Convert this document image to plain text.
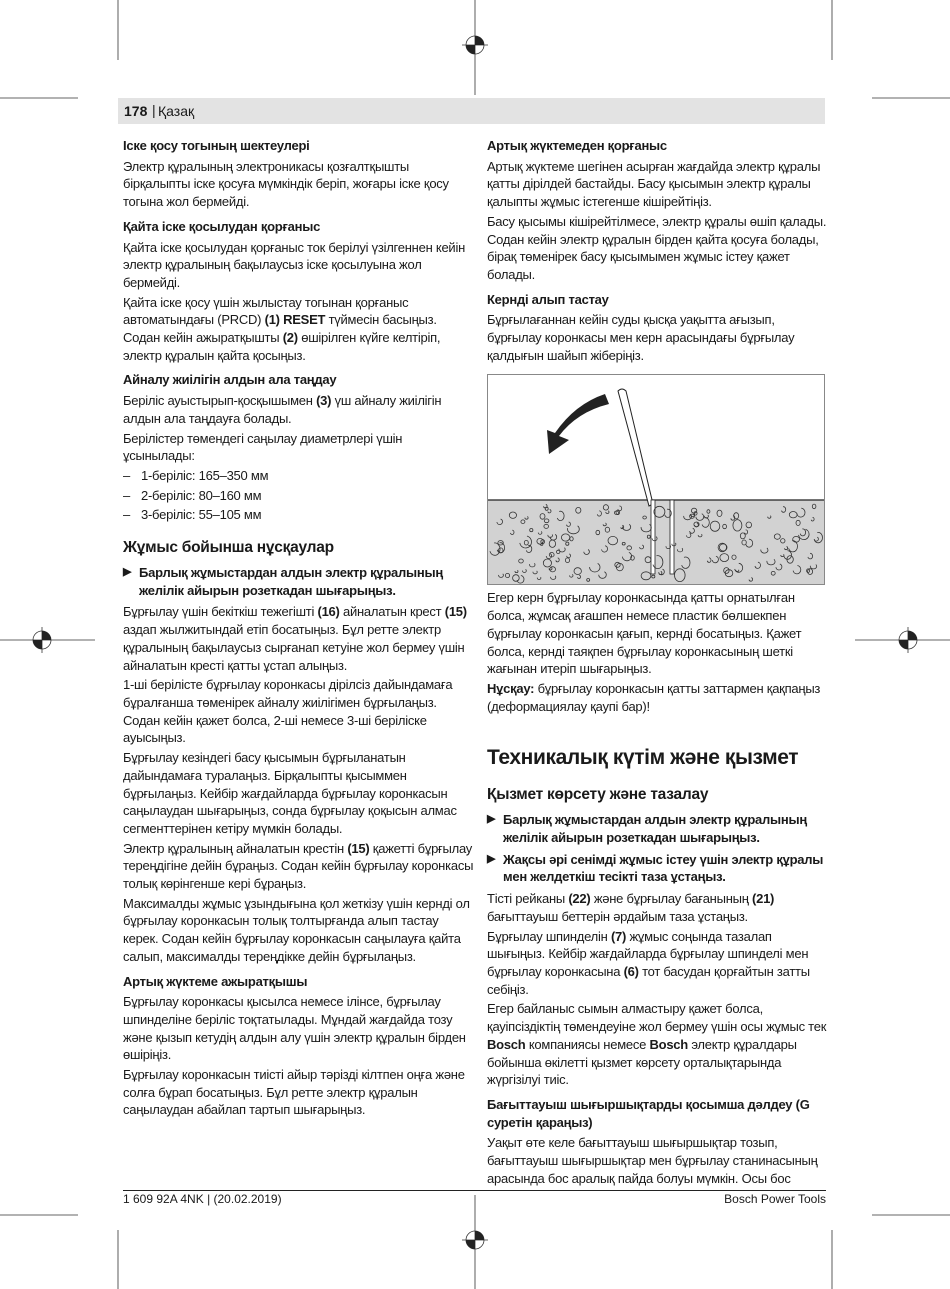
178 | Қазақ
Іске қосу тогының шектеулері
Электр құралының электроникасы қозғалтқышты бірқалыпты іске қосуға мүмкіндік беріп, жоғары іске қосу тогына жол бермейді.
Қайта іске қосылудан қорғаныс
Қайта іске қосылудан қорғаныс ток берілуі үзілгеннен кейін электр құралының бақылаусыз іске қосылуына жол бермейді.
Қайта іске қосу үшін жылыстау тогынан қорғаныс автоматындағы (PRCD) (1) RESET түймесін басыңыз. Содан кейін ажыратқышты (2) өшірілген күйге келтіріп, электр құралын қайта қосыңыз.
Айналу жиілігін алдын ала таңдау
Беріліс ауыстырып-қосқышымен (3) үш айналу жиілігін алдын ала таңдауға болады.
Берілістер төмендегі саңылау диаметрлері үшін ұсынылады:
– 1-беріліс: 165–350 мм
– 2-беріліс: 80–160 мм
– 3-беріліс: 55–105 мм
Жұмыс бойынша нұсқаулар
▶ Барлық жұмыстардан алдын электр құралының желілік айырын розеткадан шығарыңыз.
Бұрғылау үшін бекіткіш тежегішті (16) айналатын крест (15) аздап жылжитындай етіп босатыңыз. Бұл ретте электр құралының бақылаусыз сырғанап кетуіне жол бермеу үшін айналатын кресті қатты ұстап алыңыз.
1-ші берілісте бұрғылау коронкасы дірілсіз дайындамаға бұралғанша төменірек айналу жиілігімен бұрғылаңыз. Содан кейін қажет болса, 2-ші немесе 3-ші беріліске ауысыңыз.
Бұрғылау кезіндегі басу қысымын бұрғыланатын дайындамаға туралаңыз. Бірқалыпты қысыммен бұрғылаңыз. Кейбір жағдайларда бұрғылау коронкасын саңылаудан шығарыңыз, сонда бұрғылау қоқысын алмас сегменттерінен кетіру мүмкін болады.
Электр құралының айналатын крестін (15) қажетті бұрғылау тереңдігіне дейін бұраңыз. Содан кейін бұрғылау коронкасы толық көрінгенше кері бұраңыз.
Максималды жұмыс ұзындығына қол жеткізу үшін кернді ол бұрғылау коронкасын толық толтырғанда алып тастау керек. Содан кейін бұрғылау коронкасын саңылауға қайта салып, максималды тереңдікке дейін бұрғылаңыз.
Артық жүктеме ажыратқышы
Бұрғылау коронкасы қысылса немесе ілінсе, бұрғылау шпинделіне беріліс тоқтатылады. Мұндай жағдайда тозу және қызып кетудің алдын алу үшін электр құралын бірден өшіріңіз.
Бұрғылау коронкасын тиісті айыр тәрізді кілтпен оңға және солға бұрап босатыңыз. Бұл ретте электр құралын саңылаудан абайлап тартып шығарыңыз.
Артық жүктемеден қорғаныс
Артық жүктеме шегінен асырған жағдайда электр құралы қатты дірілдей бастайды. Басу қысымын электр құралы қалыпты жұмыс істегенше кішірейтіңіз.
Басу қысымы кішірейтілмесе, электр құралы өшіп қалады. Содан кейін электр құралын бірден қайта қосуға болады, бірақ төменірек басу қысымымен жұмыс істеу қажет болады.
Кернді алып тастау
Бұрғылағаннан кейін суды қысқа уақытта ағызып, бұрғылау коронкасы мен керн арасындағы бұрғылау қалдығын шайып жіберіңіз.
Егер керн бұрғылау коронкасында қатты орнатылған болса, жұмсақ ағашпен немесе пластик бөлшекпен бұрғылау коронкасын қағып, кернді босатыңыз. Қажет болса, кернді таяқпен бұрғылау коронкасының шеткі жағынан итеріп шығарыңыз.
Нұсқау: бұрғылау коронкасын қатты заттармен қақпаңыз (деформациялау қаупі бар)!
Техникалық күтім және қызмет
Қызмет көрсету және тазалау
▶ Барлық жұмыстардан алдын электр құралының желілік айырын розеткадан шығарыңыз.
▶ Жақсы әрі сенімді жұмыс істеу үшін электр құралы мен желдеткіш тесікті таза ұстаңыз.
Тісті рейканы (22) және бұрғылау бағанының (21) бағыттауыш беттерін әрдайым таза ұстаңыз.
Бұрғылау шпинделін (7) жұмыс соңында тазалап шығыңыз. Кейбір жағдайларда бұрғылау шпинделі мен бұрғылау коронкасына (6) тот басудан қорғайтын затты себіңіз.
Егер байланыс сымын алмастыру қажет болса, қауіпсіздіктің төмендеуіне жол бермеу үшін осы жұмыс тек Bosch компаниясы немесе Bosch электр құралдары бойынша өкілетті қызмет көрсету орталықтарында жүргізілуі тиіс.
Бағыттауыш шығыршықтарды қосымша дәлдеу (G суретін қараңыз)
Уақыт өте келе бағыттауыш шығыршықтар тозып, бағыттауыш шығыршықтар мен бұрғылау станинасының арасында бос аралық пайда болуы мүмкін. Осы бос
1 609 92A 4NK | (20.02.2019)	Bosch Power Tools
